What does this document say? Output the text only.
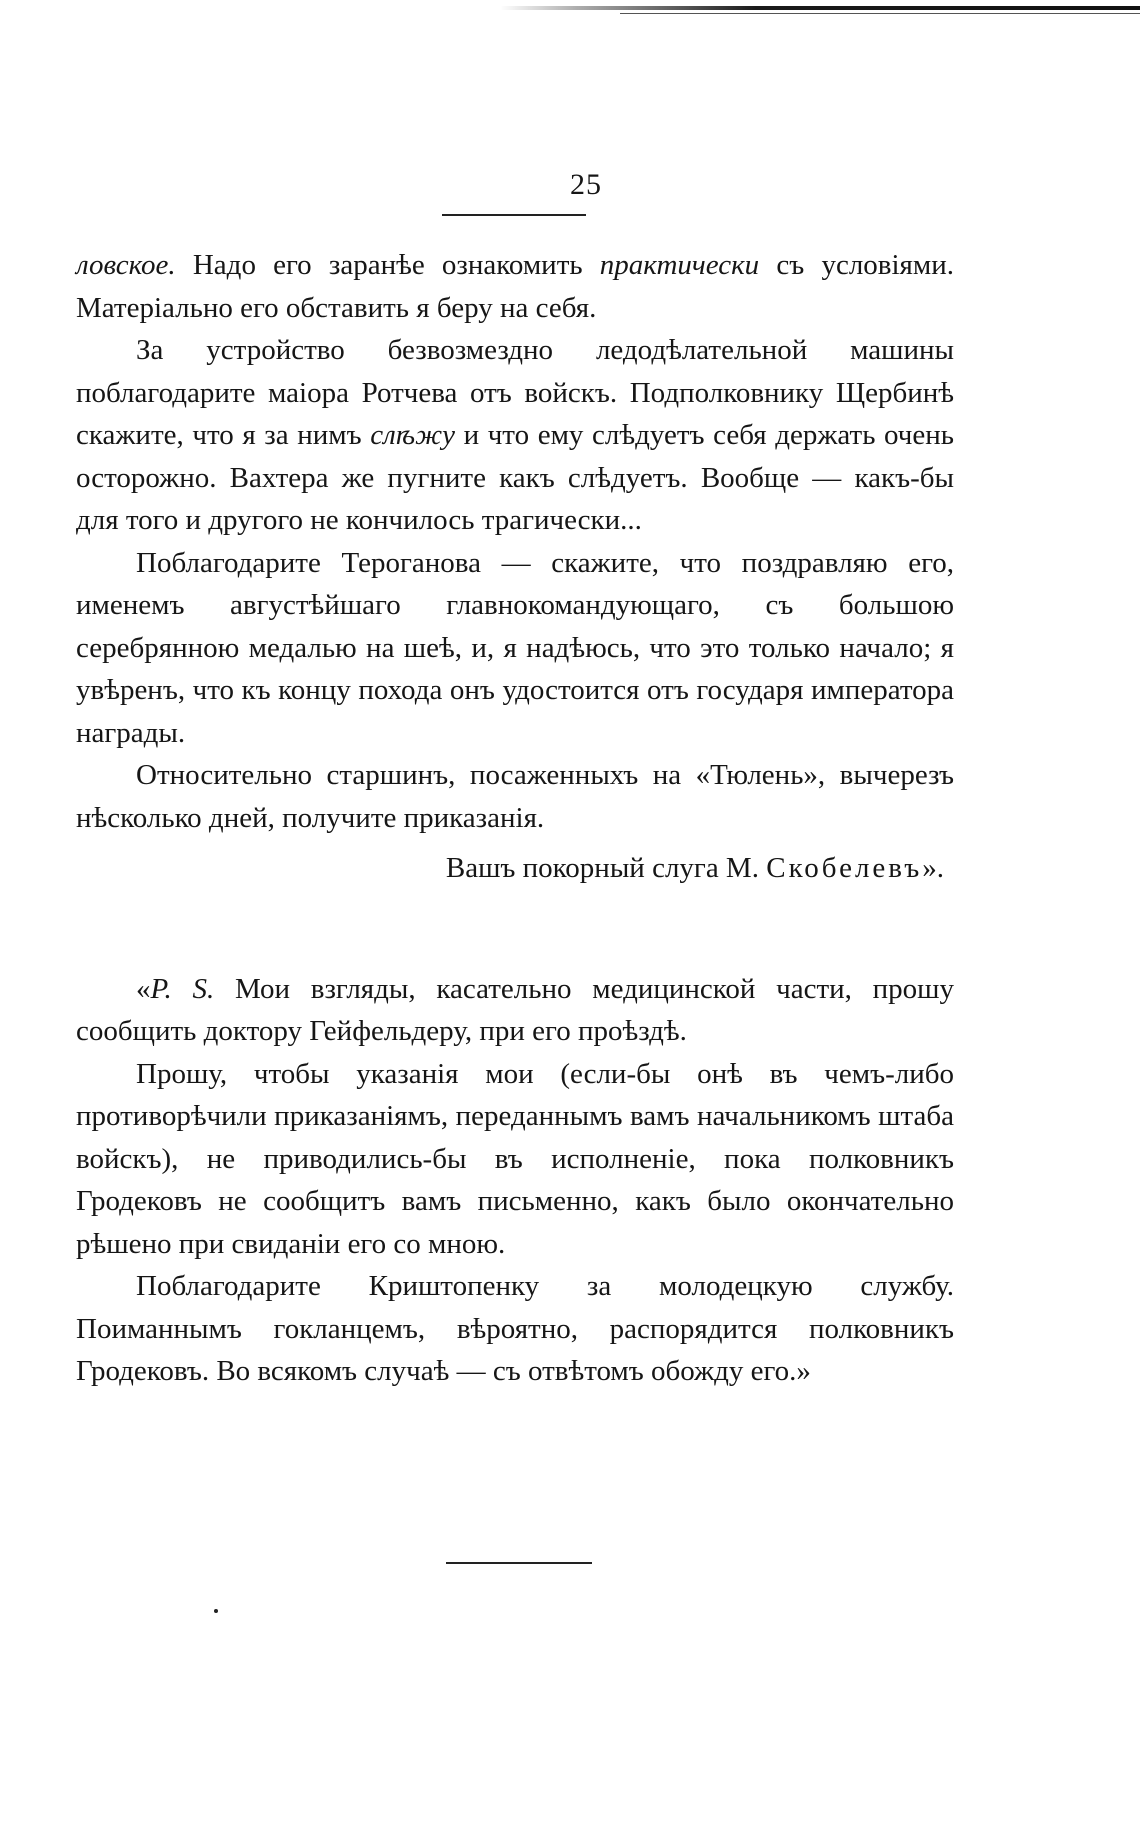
25

ловское. Надо его заранѣе ознакомить практически съ условіями. Матеріально его обставить я беру на себя.

За устройство безвозмездно ледодѣлательной машины поблагодарите маіора Ротчева отъ войскъ. Подполковнику Щербинѣ скажите, что я за нимъ слѣжу и что ему слѣдуетъ себя держать очень осторожно. Вахтера же пугните какъ слѣдуетъ. Вообще — какъ-бы для того и другого не кончилось трагически...

Поблагодарите Тероганова — скажите, что поздравляю его, именемъ августѣйшаго главнокомандующаго, съ большою серебрянною медалью на шеѣ, и, я надѣюсь, что это только начало; я увѣренъ, что къ концу похода онъ удостоится отъ государя императора награды.

Относительно старшинъ, посаженныхъ на «Тюлень», вычерезъ нѣсколько дней, получите приказанія.

Вашъ покорный слуга М. Скобелевъ».

«P. S. Мои взгляды, касательно медицинской части, прошу сообщить доктору Гейфельдеру, при его проѣздѣ.

Прошу, чтобы указанія мои (если-бы онѣ въ чемъ-либо противорѣчили приказаніямъ, переданнымъ вамъ начальникомъ штаба войскъ), не приводились-бы въ исполненіе, пока полковникъ Гродековъ не сообщитъ вамъ письменно, какъ было окончательно рѣшено при свиданіи его со мною.

Поблагодарите Криштопенку за молодецкую службу. Поиманнымъ гокланцемъ, вѣроятно, распорядится полковникъ Гродековъ. Во всякомъ случаѣ — съ отвѣтомъ обожду его.»
